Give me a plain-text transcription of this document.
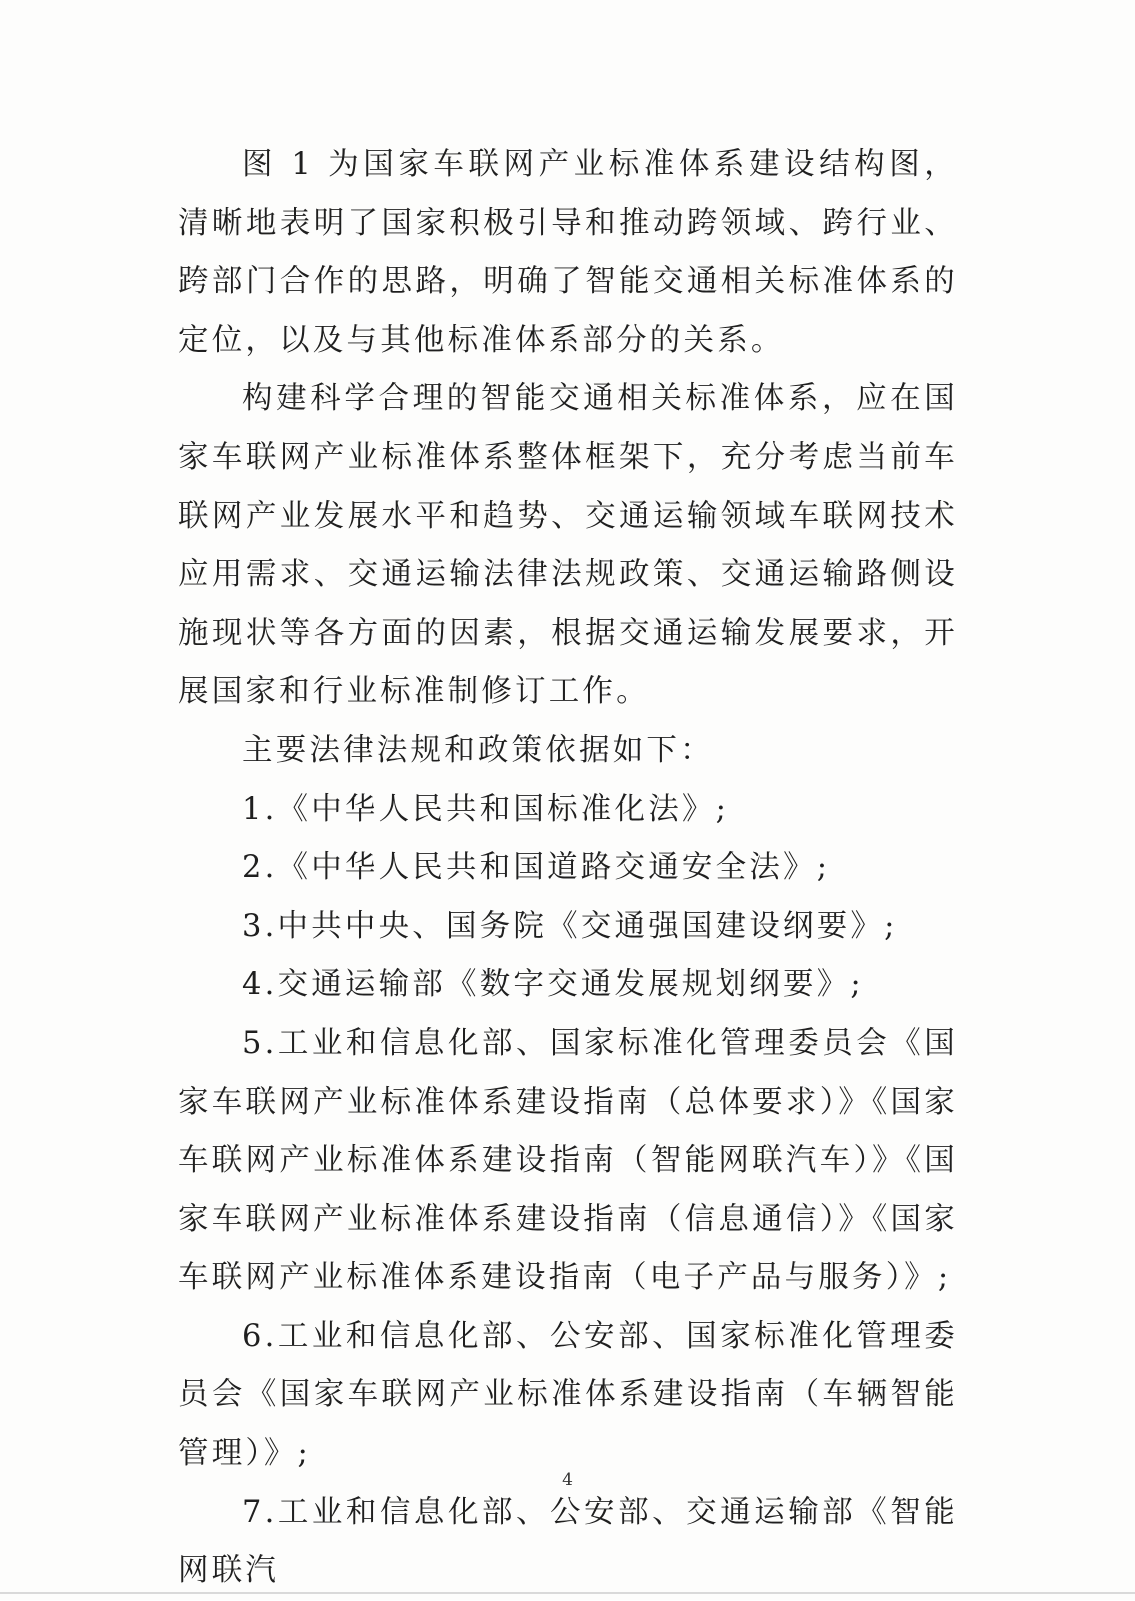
图 1 为国家车联网产业标准体系建设结构图，清晰地表明了国家积极引导和推动跨领域、跨行业、跨部门合作的思路，明确了智能交通相关标准体系的定位，以及与其他标准体系部分的关系。

构建科学合理的智能交通相关标准体系，应在国家车联网产业标准体系整体框架下，充分考虑当前车联网产业发展水平和趋势、交通运输领域车联网技术应用需求、交通运输法律法规政策、交通运输路侧设施现状等各方面的因素，根据交通运输发展要求，开展国家和行业标准制修订工作。

主要法律法规和政策依据如下：

1.《中华人民共和国标准化法》;

2.《中华人民共和国道路交通安全法》;

3.中共中央、国务院《交通强国建设纲要》;

4.交通运输部《数字交通发展规划纲要》;

5.工业和信息化部、国家标准化管理委员会《国家车联网产业标准体系建设指南（总体要求）》《国家车联网产业标准体系建设指南（智能网联汽车）》《国家车联网产业标准体系建设指南（信息通信）》《国家车联网产业标准体系建设指南（电子产品与服务）》;

6.工业和信息化部、公安部、国家标准化管理委员会《国家车联网产业标准体系建设指南（车辆智能管理）》;

7.工业和信息化部、公安部、交通运输部《智能网联汽

4
